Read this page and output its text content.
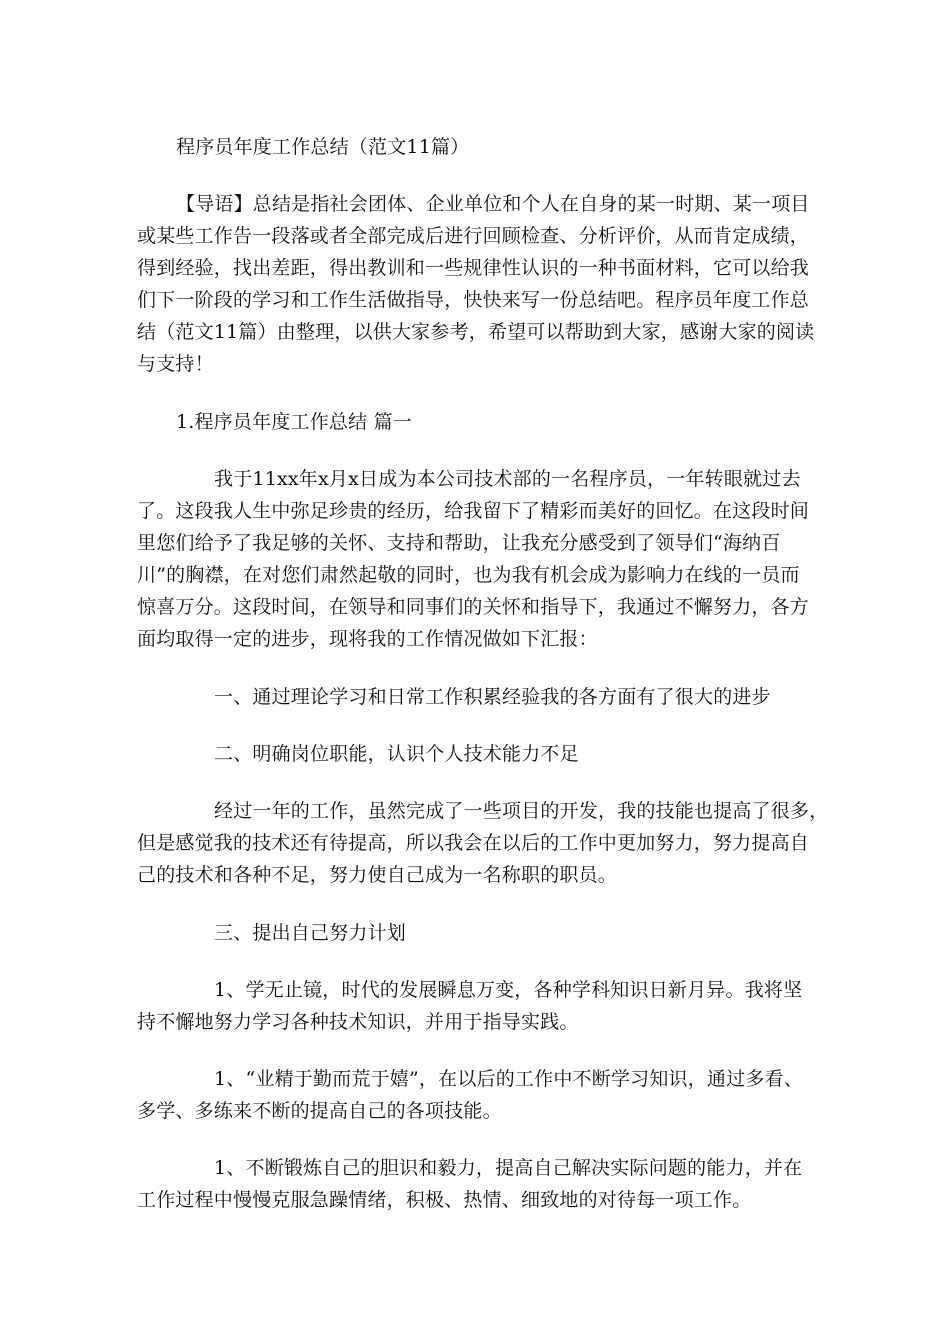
程序员年度工作总结（范文11篇）
【导语】总结是指社会团体、企业单位和个人在自身的某一时期、某一项目
或某些工作告一段落或者全部完成后进行回顾检查、分析评价，从而肯定成绩，
得到经验，找出差距，得出教训和一些规律性认识的一种书面材料，它可以给我
们下一阶段的学习和工作生活做指导，快快来写一份总结吧。程序员年度工作总
结（范文11篇）由整理，以供大家参考，希望可以帮助到大家，感谢大家的阅读
与支持！
1.程序员年度工作总结 篇一
我于11xx年x月x日成为本公司技术部的一名程序员，一年转眼就过去
了。这段我人生中弥足珍贵的经历，给我留下了精彩而美好的回忆。在这段时间
里您们给予了我足够的关怀、支持和帮助，让我充分感受到了领导们“海纳百
川”的胸襟，在对您们肃然起敬的同时，也为我有机会成为影响力在线的一员而
惊喜万分。这段时间，在领导和同事们的关怀和指导下，我通过不懈努力，各方
面均取得一定的进步，现将我的工作情况做如下汇报：
一、通过理论学习和日常工作积累经验我的各方面有了很大的进步
二、明确岗位职能，认识个人技术能力不足
经过一年的工作，虽然完成了一些项目的开发，我的技能也提高了很多，
但是感觉我的技术还有待提高，所以我会在以后的工作中更加努力，努力提高自
己的技术和各种不足，努力使自己成为一名称职的职员。
三、提出自己努力计划
1、学无止镜，时代的发展瞬息万变，各种学科知识日新月异。我将坚
持不懈地努力学习各种技术知识，并用于指导实践。
1、“业精于勤而荒于嬉”，在以后的工作中不断学习知识，通过多看、
多学、多练来不断的提高自己的各项技能。
1、不断锻炼自己的胆识和毅力，提高自己解决实际问题的能力，并在
工作过程中慢慢克服急躁情绪，积极、热情、细致地的对待每一项工作。
